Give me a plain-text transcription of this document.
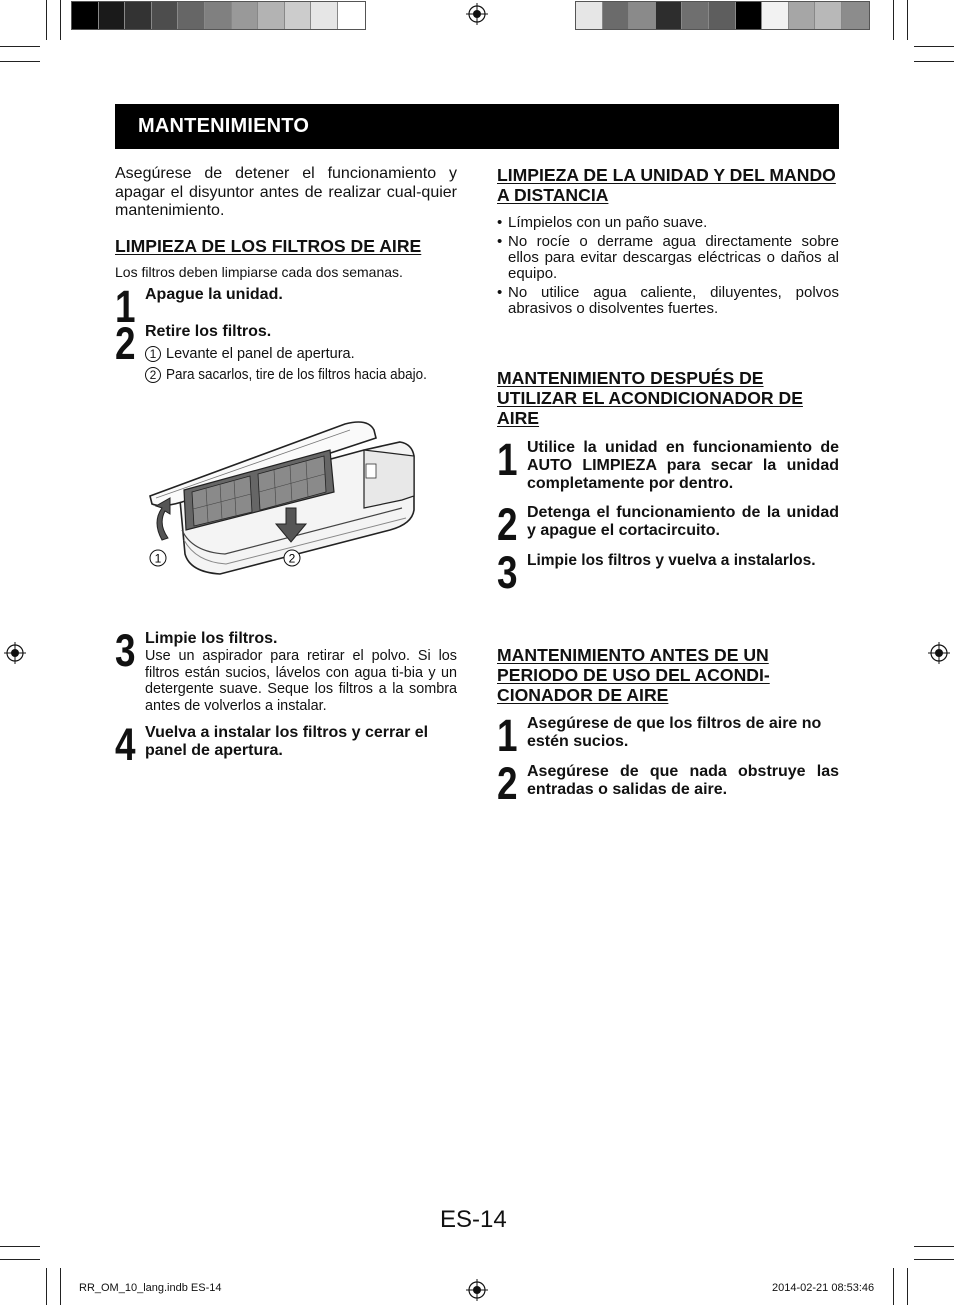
MANTENIMIENTO

Asegúrese de detener el funcionamiento y apagar el disyuntor antes de realizar cual-quier mantenimiento.

LIMPIEZA DE LOS FILTROS DE AIRE

Los filtros deben limpiarse cada dos semanas.

1 Apague la unidad.

2 Retire los filtros.

1 Levante el panel de apertura.
2 Para sacarlos, tire de los filtros hacia abajo.
1	2
3 Limpie los filtros.

Use un aspirador para retirar el polvo. Si los filtros están sucios, lávelos con agua ti-bia y un detergente suave. Seque los filtros a la sombra antes de volverlos a instalar.

4 Vuelva a instalar los filtros y cerrar el panel de apertura.

LIMPIEZA DE LA UNIDAD Y DEL MANDO A DISTANCIA

• Límpielos con un paño suave.
• No rocíe o derrame agua directamente sobre ellos para evitar descargas eléctricas o daños al equipo.
• No utilice agua caliente, diluyentes, polvos abrasivos o disolventes fuertes.

MANTENIMIENTO DESPUÉS DE UTILIZAR EL ACONDICIONADOR DE AIRE

1 Utilice la unidad en funcionamiento de AUTO LIMPIEZA para secar la unidad completamente por dentro.

2 Detenga el funcionamiento de la unidad y apague el cortacircuito.

3 Limpie los filtros y vuelva a instalarlos.

MANTENIMIENTO ANTES DE UN PERIODO DE USO DEL ACONDI-CIONADOR DE AIRE

1 Asegúrese de que los filtros de aire no estén sucios.

2 Asegúrese de que nada obstruye las entradas o salidas de aire.

ES-14
RR_OM_10_lang.indb ES-14	2014-02-21 08:53:46
